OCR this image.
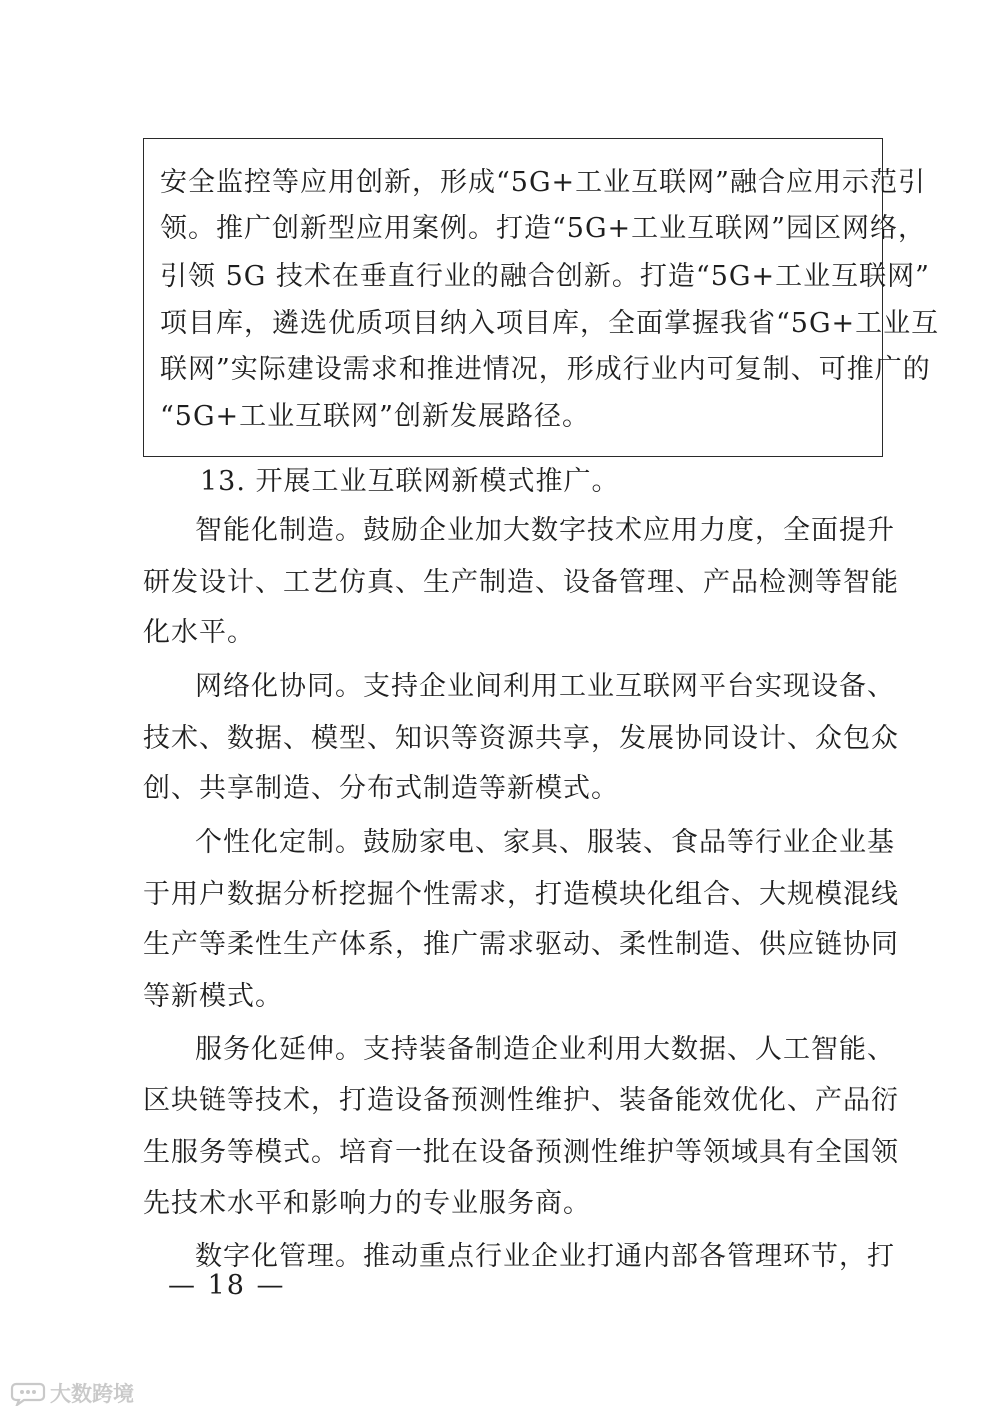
安全监控等应用创新，形成“5G+工业互联网”融合应用示范引

领。推广创新型应用案例。打造“5G+工业互联网”园区网络，

引领 5G 技术在垂直行业的融合创新。打造“5G+工业互联网”

项目库，遴选优质项目纳入项目库，全面掌握我省“5G+工业互

联网”实际建设需求和推进情况，形成行业内可复制、可推广的

“5G+工业互联网”创新发展路径。

13. 开展工业互联网新模式推广。

智能化制造。鼓励企业加大数字技术应用力度，全面提升

研发设计、工艺仿真、生产制造、设备管理、产品检测等智能

化水平。

网络化协同。支持企业间利用工业互联网平台实现设备、

技术、数据、模型、知识等资源共享，发展协同设计、众包众

创、共享制造、分布式制造等新模式。

个性化定制。鼓励家电、家具、服装、食品等行业企业基

于用户数据分析挖掘个性需求，打造模块化组合、大规模混线

生产等柔性生产体系，推广需求驱动、柔性制造、供应链协同

等新模式。

服务化延伸。支持装备制造企业利用大数据、人工智能、

区块链等技术，打造设备预测性维护、装备能效优化、产品衍

生服务等模式。培育一批在设备预测性维护等领域具有全国领

先技术水平和影响力的专业服务商。

数字化管理。推动重点行业企业打通内部各管理环节，打

— 18 —

大数跨境
